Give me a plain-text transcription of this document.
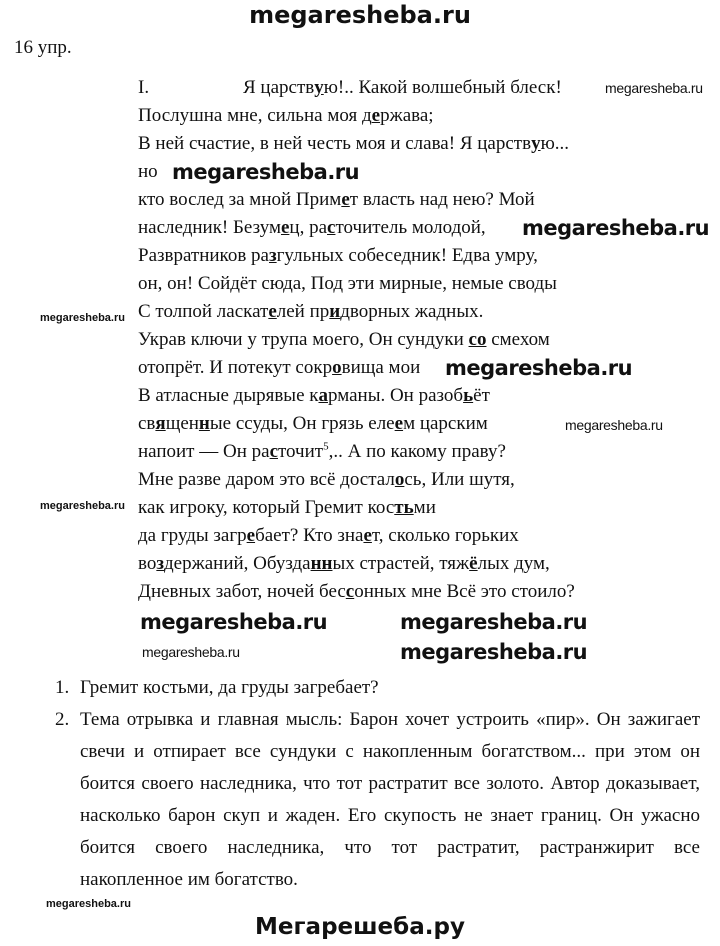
megaresheba.ru
16 упр.
I.	Я царствую!.. Какой волшебный блеск!
Послушна мне, сильна моя держава;
В ней счастие, в ней честь моя и слава! Я царствую...
но
кто вослед за мной Примет власть над нею? Мой
наследник! Безумец, расточитель молодой,
Развратников разгульных собеседник! Едва умру,
он, он! Сойдёт сюда, Под эти мирные, немые своды
С толпой ласкателей придворных жадных.
Украв ключи у трупа моего, Он сундуки со смехом
отопрёт. И потекут сокровища мои
В атласные дырявые карманы. Он разобьёт
священные ссуды, Он грязь елеем царским
напоит — Он расточит$^5$,.. А по какому праву?
Мне разве даром это всё досталось, Или шутя,
как игроку, который Гремит костьми
да груды загребает? Кто знает, сколько горьких
воздержаний, Обузданных страстей, тяжёлых дум,
Дневных забот, ночей бессонных мне Всё это стоило?
1. Гремит костьми, да груды загребает?
2. Тема отрывка и главная мысль: Барон хочет устроить «пир». Он зажигает свечи и отпирает все сундуки с накопленным богатством... при этом он боится своего наследника, что тот растратит все золото. Автор доказывает, насколько барон скуп и жаден. Его скупость не знает границ. Он ужасно боится своего наследника, что тот растратит, растранжирит все накопленное им богатство.
megaresheba.ru
megaresheba.ru
megaresheba.ru
megaresheba.ru
megaresheba.ru
megaresheba.ru
megaresheba.ru
megaresheba.ru
megaresheba.ru
megaresheba.ru	megaresheba.ru
megaresheba.ru
Мегарешеба.ру
